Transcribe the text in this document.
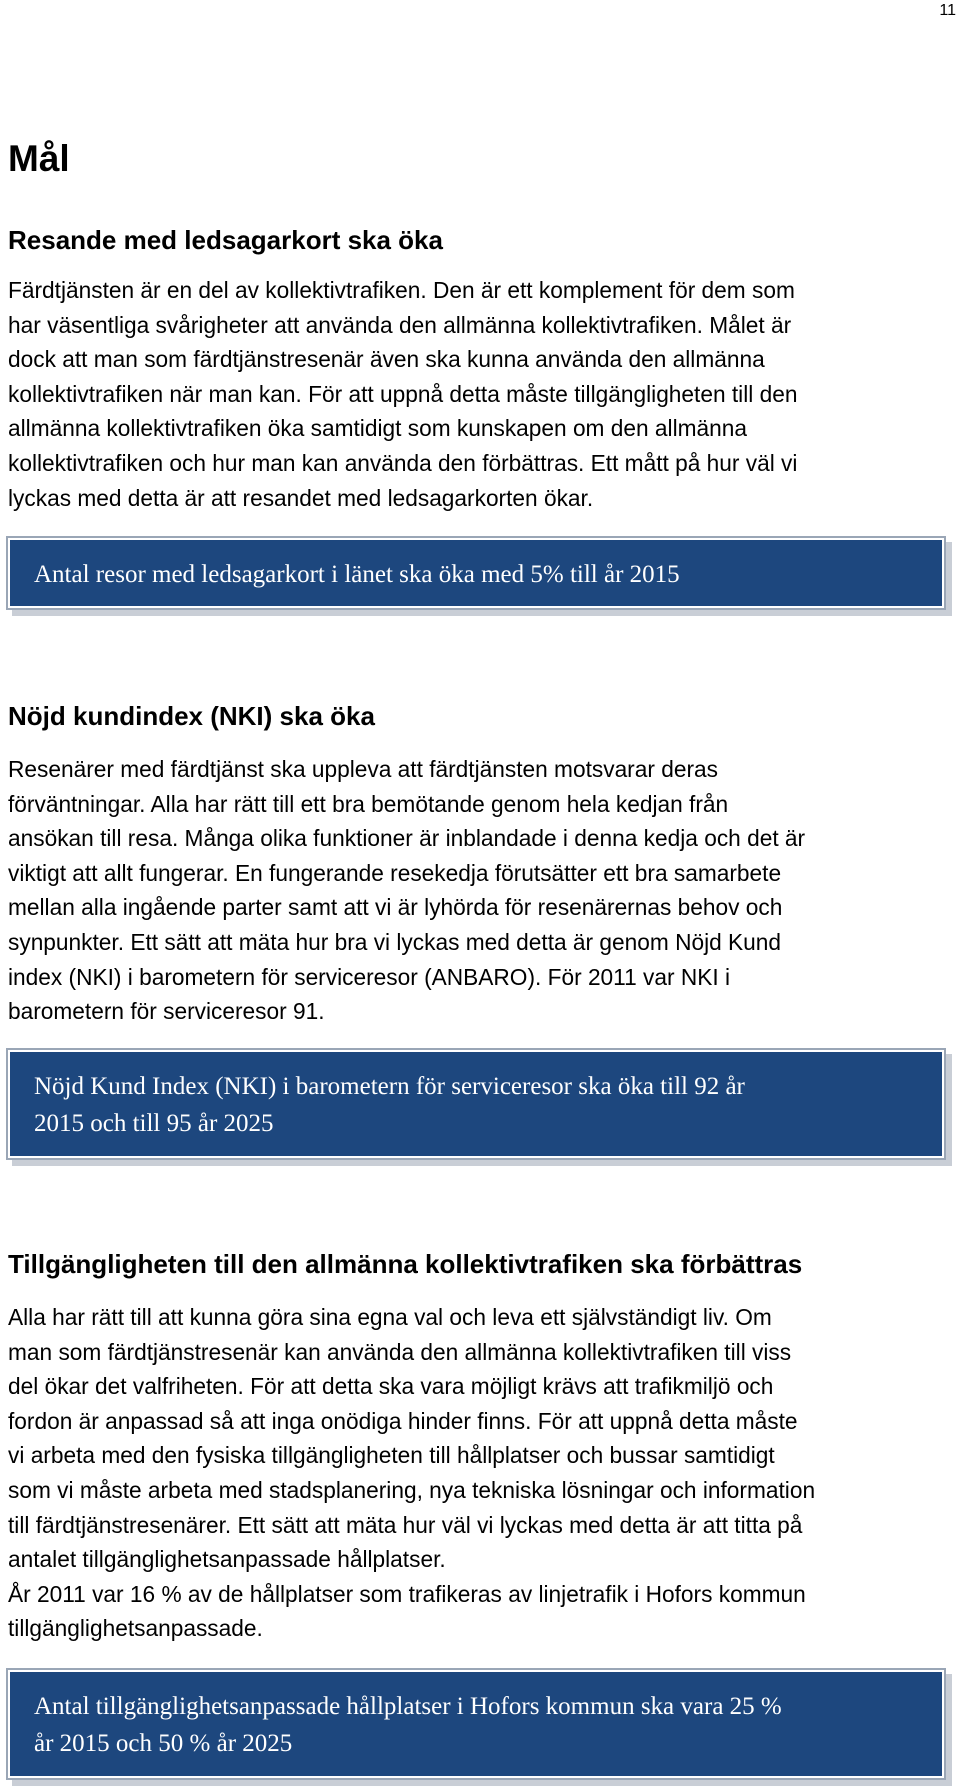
11
Mål
Resande med ledsagarkort ska öka

Färdtjänsten är en del av kollektivtrafiken. Den är ett komplement för dem som

har väsentliga svårigheter att använda den allmänna kollektivtrafiken. Målet är

dock att man som färdtjänstresenär även ska kunna använda den allmänna

kollektivtrafiken när man kan. För att uppnå detta måste tillgängligheten till den

allmänna kollektivtrafiken öka samtidigt som kunskapen om den allmänna

kollektivtrafiken och hur man kan använda den förbättras. Ett mått på hur väl vi

lyckas med detta är att resandet med ledsagarkorten ökar.

Antal resor med ledsagarkort i länet ska öka med 5% till år 2015

Nöjd kundindex (NKI) ska öka

Resenärer med färdtjänst ska uppleva att färdtjänsten motsvarar deras

förväntningar. Alla har rätt till ett bra bemötande genom hela kedjan från

ansökan till resa. Många olika funktioner är inblandade i denna kedja och det är

viktigt att allt fungerar. En fungerande resekedja förutsätter ett bra samarbete

mellan alla ingående parter samt att vi är lyhörda för resenärernas behov och

synpunkter. Ett sätt att mäta hur bra vi lyckas med detta är genom Nöjd Kund

index (NKI) i barometern för serviceresor (ANBARO). För 2011 var NKI i

barometern för serviceresor 91.

Nöjd Kund Index (NKI) i barometern för serviceresor ska öka till 92 år

2015 och till 95 år 2025

Tillgängligheten till den allmänna kollektivtrafiken ska förbättras

Alla har rätt till att kunna göra sina egna val och leva ett självständigt liv. Om

man som färdtjänstresenär kan använda den allmänna kollektivtrafiken till viss

del ökar det valfriheten. För att detta ska vara möjligt krävs att trafikmiljö och

fordon är anpassad så att inga onödiga hinder finns. För att uppnå detta måste

vi arbeta med den fysiska tillgängligheten till hållplatser och bussar samtidigt

som vi måste arbeta med stadsplanering, nya tekniska lösningar och information

till färdtjänstresenärer. Ett sätt att mäta hur väl vi lyckas med detta är att titta på

antalet tillgänglighetsanpassade hållplatser.

År 2011 var 16 % av de hållplatser som trafikeras av linjetrafik i Hofors kommun

tillgänglighetsanpassade.

Antal tillgänglighetsanpassade hållplatser i Hofors kommun ska vara 25 %

år 2015 och 50 % år 2025
